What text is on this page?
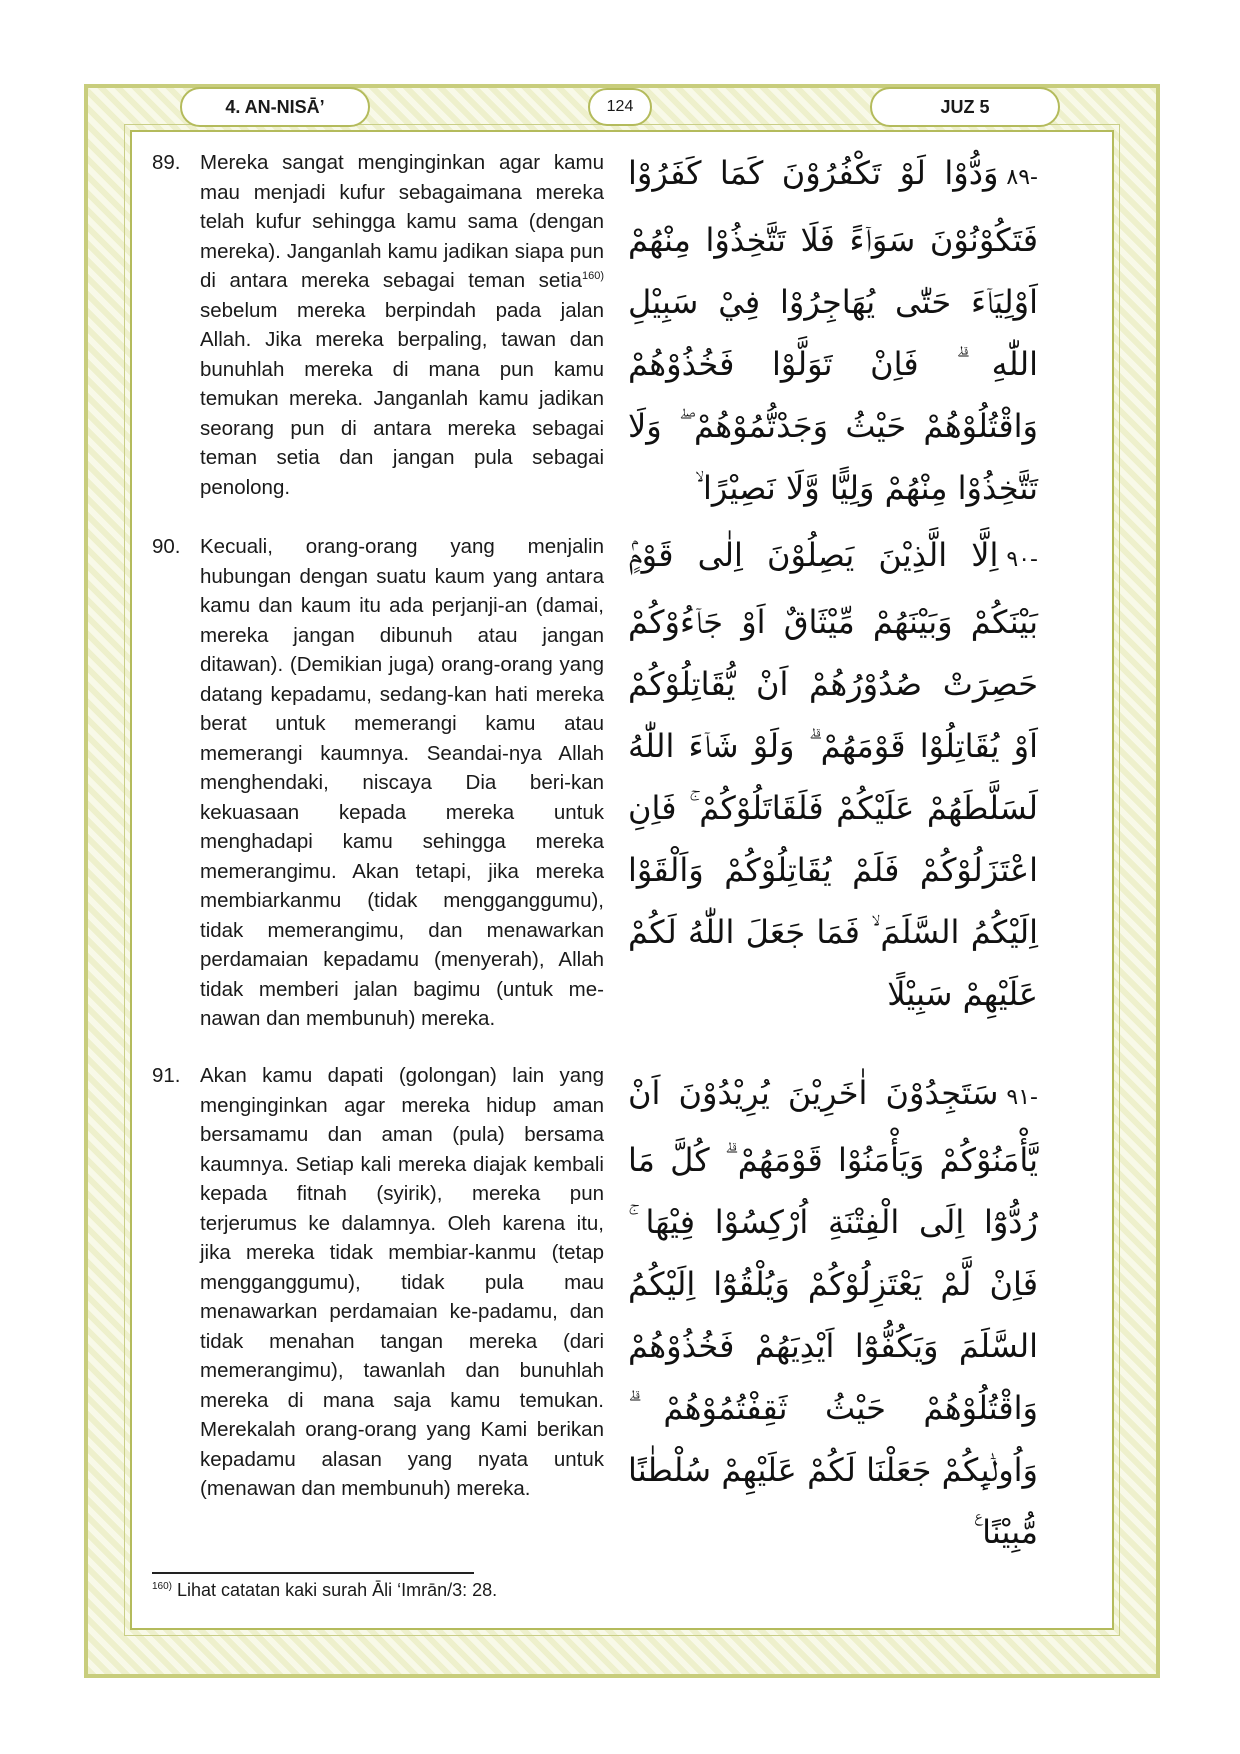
4. AN-NISĀ’	124	JUZ 5
89. Mereka sangat menginginkan agar kamu mau menjadi kufur sebagaimana mereka telah kufur sehingga kamu sama (dengan mereka). Janganlah kamu jadikan siapa pun di antara mereka sebagai teman setia$^{160)}$ sebelum mereka berpindah pada jalan Allah. Jika mereka berpaling, tawan dan bunuhlah mereka di mana pun kamu temukan mereka. Janganlah kamu jadikan seorang pun di antara mereka sebagai teman setia dan jangan pula sebagai penolong.
-٨٩وَدُّوْا لَوْ تَكْفُرُوْنَ كَمَا كَفَرُوْا فَتَكُوْنُوْنَ سَوَاۤءً فَلَا تَتَّخِذُوْا مِنْهُمْ اَوْلِيَاۤءَ حَتّٰى يُهَاجِرُوْا فِيْ سَبِيْلِ اللّٰهِ ۗ فَاِنْ تَوَلَّوْا فَخُذُوْهُمْ وَاقْتُلُوْهُمْ حَيْثُ وَجَدْتُّمُوْهُمْ ۖ وَلَا تَتَّخِذُوْا مِنْهُمْ وَلِيًّا وَّلَا نَصِيْرًا ۙ
90. Kecuali, orang-orang yang menjalin hubungan dengan suatu kaum yang antara kamu dan kaum itu ada perjanji-an (damai, mereka jangan dibunuh atau jangan ditawan). (Demikian juga) orang-orang yang datang kepadamu, sedang-kan hati mereka berat untuk memerangi kamu atau memerangi kaumnya. Seandai-nya Allah menghendaki, niscaya Dia beri-kan kekuasaan kepada mereka untuk menghadapi kamu sehingga mereka memerangimu. Akan tetapi, jika mereka membiarkanmu (tidak mengganggumu), tidak memerangimu, dan menawarkan perdamaian kepadamu (menyerah), Allah tidak memberi jalan bagimu (untuk me-nawan dan membunuh) mereka.
-٩٠اِلَّا الَّذِيْنَ يَصِلُوْنَ اِلٰى قَوْمٍۢ بَيْنَكُمْ وَبَيْنَهُمْ مِّيْثَاقٌ اَوْ جَاۤءُوْكُمْ حَصِرَتْ صُدُوْرُهُمْ اَنْ يُّقَاتِلُوْكُمْ اَوْ يُقَاتِلُوْا قَوْمَهُمْ ۗ وَلَوْ شَاۤءَ اللّٰهُ لَسَلَّطَهُمْ عَلَيْكُمْ فَلَقَاتَلُوْكُمْ ۚ فَاِنِ اعْتَزَلُوْكُمْ فَلَمْ يُقَاتِلُوْكُمْ وَاَلْقَوْا اِلَيْكُمُ السَّلَمَ ۙ فَمَا جَعَلَ اللّٰهُ لَكُمْ عَلَيْهِمْ سَبِيْلًا
91. Akan kamu dapati (golongan) lain yang menginginkan agar mereka hidup aman bersamamu dan aman (pula) bersama kaumnya. Setiap kali mereka diajak kembali kepada fitnah (syirik), mereka pun terjerumus ke dalamnya. Oleh karena itu, jika mereka tidak membiar-kanmu (tetap mengganggumu), tidak pula mau menawarkan perdamaian ke-padamu, dan tidak menahan tangan mereka (dari memerangimu), tawanlah dan bunuhlah mereka di mana saja kamu temukan. Merekalah orang-orang yang Kami berikan kepadamu alasan yang nyata untuk (menawan dan membunuh) mereka.
-٩١سَتَجِدُوْنَ اٰخَرِيْنَ يُرِيْدُوْنَ اَنْ يَّأْمَنُوْكُمْ وَيَأْمَنُوْا قَوْمَهُمْ ۗ كُلَّ مَا رُدُّوْٓا اِلَى الْفِتْنَةِ اُرْكِسُوْا فِيْهَا ۚ فَاِنْ لَّمْ يَعْتَزِلُوْكُمْ وَيُلْقُوْٓا اِلَيْكُمُ السَّلَمَ وَيَكُفُّوْٓا اَيْدِيَهُمْ فَخُذُوْهُمْ وَاقْتُلُوْهُمْ حَيْثُ ثَقِفْتُمُوْهُمْ ۗ وَاُولٰۤىِٕكُمْ جَعَلْنَا لَكُمْ عَلَيْهِمْ سُلْطٰنًا مُّبِيْنًا ࣖ
$^{160)}$ Lihat catatan kaki surah Āli ‘Imrān/3: 28.
